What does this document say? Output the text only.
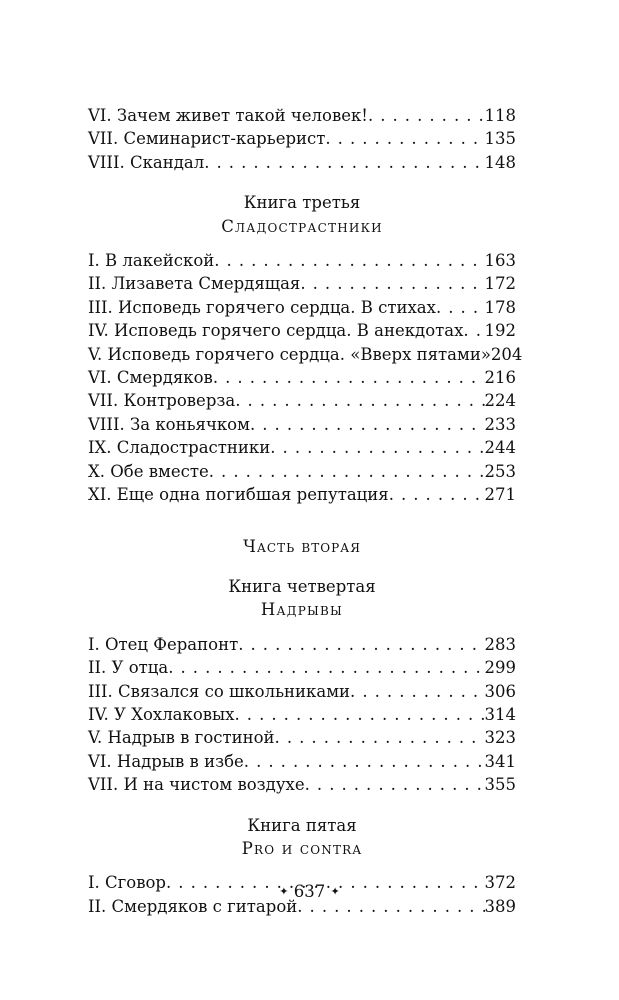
VI. Зачем живет такой человек! . . .	118
VII. Семинарист-карьерист . . .	135
VIII. Скандал . . .	148
Книга третья
Сладострастники
I. В лакейской . . .	163
II. Лизавета Смердящая . . .	172
III. Исповедь горячего сердца. В стихах . . .	178
IV. Исповедь горячего сердца. В анекдотах . . . 192
V. Исповедь горячего сердца. «Вверх пятами» 204
VI. Смердяков . . .	216
VII. Контроверза . . .	224
VIII. За коньячком . . .	233
IX. Сладострастники . . .	244
X. Обе вместе . . .	253
XI. Еще одна погибшая репутация . . .	271
Часть вторая
Книга четвертая
Надрывы
I. Отец Ферапонт . . .	283
II. У отца . . .	299
III. Связался со школьниками . . .	306
IV. У Хохлаковых . . .	314
V. Надрыв в гостиной . . .	323
VI. Надрыв в избе . . .	341
VII. И на чистом воздухе . . .	355
Книга пятая
Pro и contra
I. Сговор . . .	372
II. Смердяков с гитарой . . .	389
✦ 637 ✦
